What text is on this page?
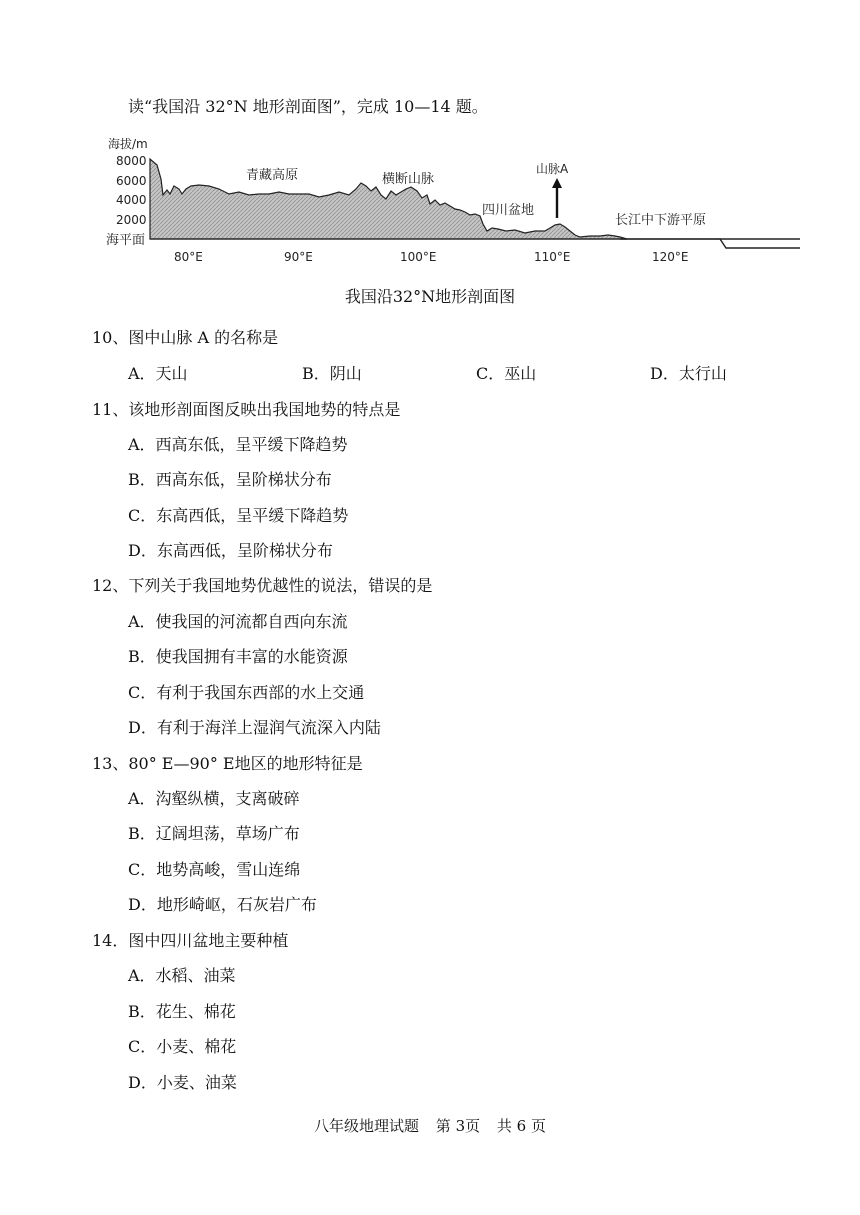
读“我国沿 32°N 地形剖面图”，完成 10—14 题。
海拔/m
8000
6000
4000
2000
海平面
80°E	90°E	100°E	110°E	120°E
青藏高原	横断山脉
四川盆地
山脉A
长江中下游平原
我国沿32°N地形剖面图
10、图中山脉 A 的名称是
A．天山	B．阴山	C．巫山	D．太行山
11、该地形剖面图反映出我国地势的特点是
A．西高东低，呈平缓下降趋势
B．西高东低，呈阶梯状分布
C．东高西低，呈平缓下降趋势
D．东高西低，呈阶梯状分布
12、下列关于我国地势优越性的说法，错误的是
A．使我国的河流都自西向东流
B．使我国拥有丰富的水能资源
C．有利于我国东西部的水上交通
D．有利于海洋上湿润气流深入内陆
13、80° E—90° E地区的地形特征是
A．沟壑纵横，支离破碎
B．辽阔坦荡，草场广布
C．地势高峻，雪山连绵
D．地形崎岖，石灰岩广布
14．图中四川盆地主要种植
A．水稻、油菜
B．花生、棉花
C．小麦、棉花
D．小麦、油菜
八年级地理试题 第 3页 共 6 页
